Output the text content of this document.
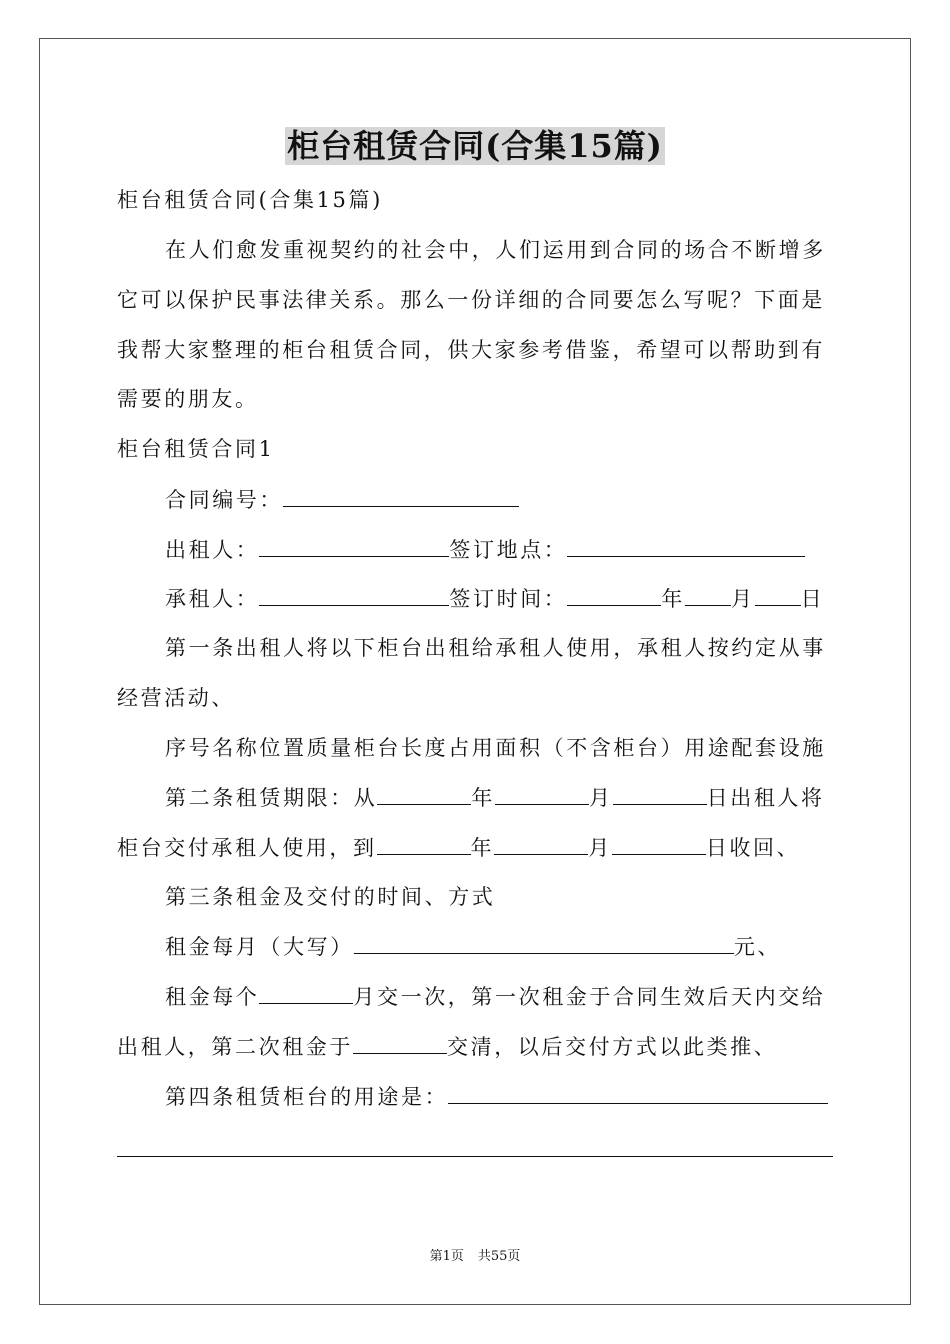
柜台租赁合同(合集15篇)
柜台租赁合同(合集15篇)
在人们愈发重视契约的社会中，人们运用到合同的场合不断增多
它可以保护民事法律关系。那么一份详细的合同要怎么写呢？下面是
我帮大家整理的柜台租赁合同，供大家参考借鉴，希望可以帮助到有
需要的朋友。
柜台租赁合同1
合同编号：
出租人：	签订地点：
承租人：	签订时间：	年 月 日
第一条出租人将以下柜台出租给承租人使用，承租人按约定从事
经营活动、
序号名称位置质量柜台长度占用面积（不含柜台）用途配套设施
第二条租赁期限：从	年	月	日出租人将
柜台交付承租人使用，到	年	月	日收回、
第三条租金及交付的时间、方式
租金每月（大写）	元、
租金每个	月交一次，第一次租金于合同生效后天内交给
出租人，第二次租金于	交清，以后交付方式以此类推、
第四条租赁柜台的用途是：
第1页 共55页
